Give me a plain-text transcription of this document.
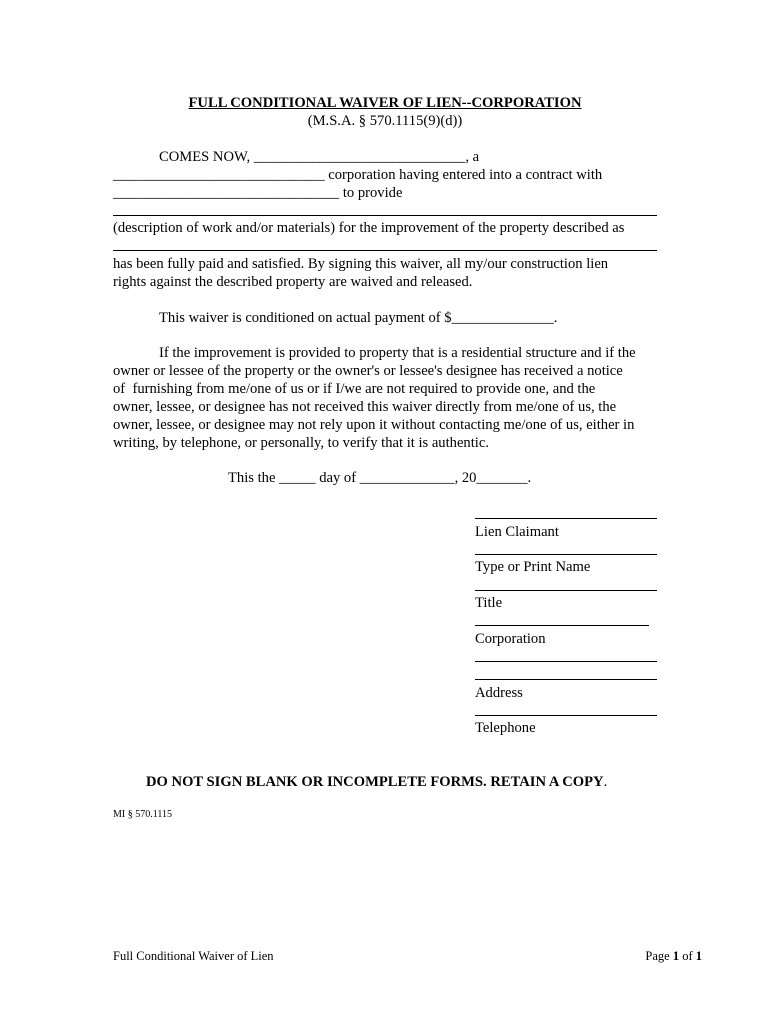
FULL CONDITIONAL WAIVER OF LIEN--CORPORATION
(M.S.A. § 570.1115(9)(d))
COMES NOW, _____________________________, a
_____________________________ corporation having entered into a contract with
_______________________________ to provide
(description of work and/or materials) for the improvement of the property described as
has been fully paid and satisfied. By signing this waiver, all my/our construction lien
rights against the described property are waived and released.
This waiver is conditioned on actual payment of $______________.
If the improvement is provided to property that is a residential structure and if the
owner or lessee of the property or the owner's or lessee's designee has received a notice
of  furnishing from me/one of us or if I/we are not required to provide one, and the
owner, lessee, or designee has not received this waiver directly from me/one of us, the
owner, lessee, or designee may not rely upon it without contacting me/one of us, either in
writing, by telephone, or personally, to verify that it is authentic.
This the _____ day of _____________, 20_______.
Lien Claimant
Type or Print Name
Title
Corporation
Address
Telephone
DO NOT SIGN BLANK OR INCOMPLETE FORMS. RETAIN A COPY.
MI § 570.1115
Full Conditional Waiver of Lien	Page 1 of 1
